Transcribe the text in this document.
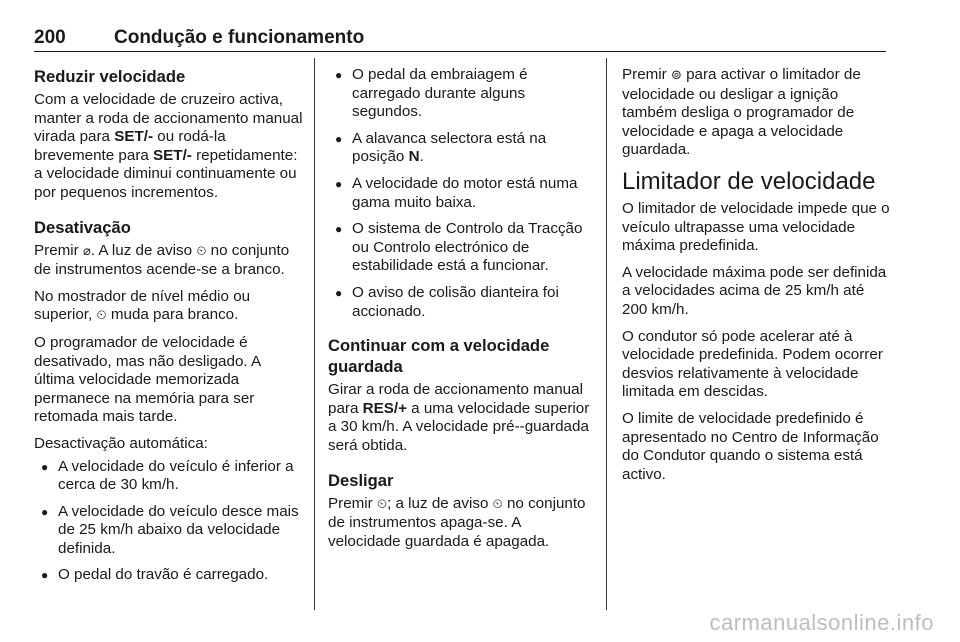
200	Condução e funcionamento
Reduzir velocidade

Com a velocidade de cruzeiro activa, manter a roda de accionamento manual virada para SET/- ou rodá-la brevemente para SET/- repetidamente: a velocidade diminui continuamente ou por pequenos incrementos.

Desativação

Premir ⌀. A luz de aviso ⏲ no conjunto de instrumentos acende-se a branco.

No mostrador de nível médio ou superior, ⏲ muda para branco.

O programador de velocidade é desativado, mas não desligado. A última velocidade memorizada permanece na memória para ser retomada mais tarde.

Desactivação automática:

● A velocidade do veículo é inferior a cerca de 30 km/h.
● A velocidade do veículo desce mais de 25 km/h abaixo da velocidade definida.
● O pedal do travão é carregado.
● O pedal da embraiagem é carregado durante alguns segundos.
● A alavanca selectora está na posição N.
● A velocidade do motor está numa gama muito baixa.
● O sistema de Controlo da Tracção ou Controlo electrónico de estabilidade está a funcionar.
● O aviso de colisão dianteira foi accionado.
Continuar com a velocidade guardada

Girar a roda de accionamento manual para RES/+ a uma velocidade superior a 30 km/h. A velocidade pré--guardada será obtida.

Desligar

Premir ⏲; a luz de aviso ⏲ no conjunto de instrumentos apaga-se. A velocidade guardada é apagada.

Premir ⊚ para activar o limitador de velocidade ou desligar a ignição também desliga o programador de velocidade e apaga a velocidade guardada.

Limitador de velocidade

O limitador de velocidade impede que o veículo ultrapasse uma velocidade máxima predefinida.

A velocidade máxima pode ser definida a velocidades acima de 25 km/h até 200 km/h.

O condutor só pode acelerar até à velocidade predefinida. Podem ocorrer desvios relativamente à velocidade limitada em descidas.

O limite de velocidade predefinido é apresentado no Centro de Informação do Condutor quando o sistema está activo.

carmanualsonline.info
